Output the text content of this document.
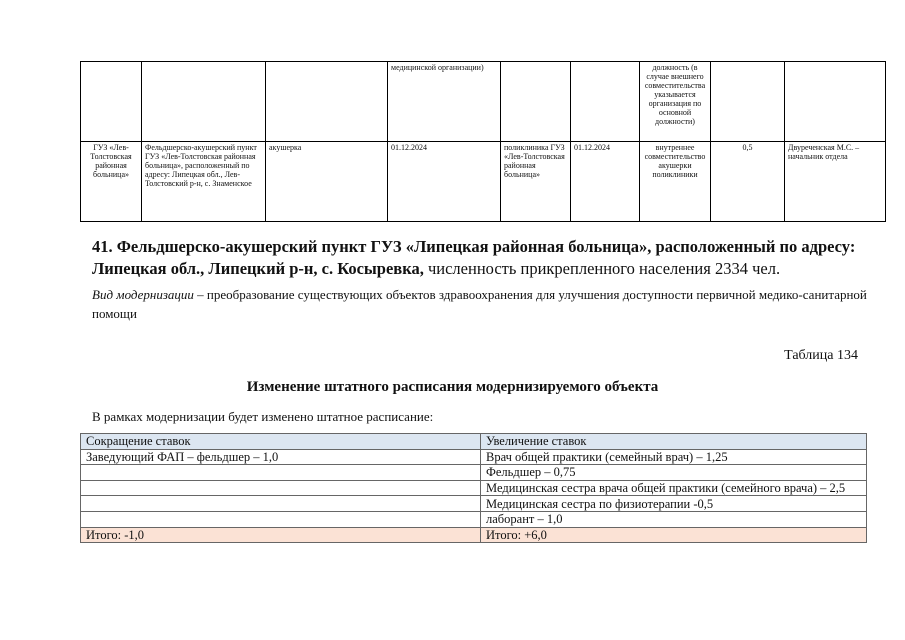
			медицинской организации)			должность (в случае внешнего совместительства указывается организация по основной должности)		
ГУЗ «Лев-Толстовская районная больница»	Фельдшерско-акушерский пункт ГУЗ «Лев-Толстовская районная больница», расположенный по адресу: Липецкая обл., Лев-Толстовский р-н, с. Знаменское	акушерка	01.12.2024	поликлиника ГУЗ «Лев-Толстовская районная больница»	01.12.2024	внутреннее совместительство акушерки поликлиники	0,5	Двуреченская М.С. – начальник отдела

41. Фельдшерско-акушерский пункт ГУЗ «Липецкая районная больница», расположенный по адресу: Липецкая обл., Липецкий р-н, с. Косыревка, численность прикрепленного населения 2334 чел.

Вид модернизации – преобразование существующих объектов здравоохранения для улучшения доступности первичной медико-санитарной помощи

Таблица 134

Изменение штатного расписания модернизируемого объекта

В рамках модернизации будет изменено штатное расписание:

Сокращение ставок	Увеличение ставок
Заведующий ФАП – фельдшер – 1,0	Врач общей практики (семейный врач) – 1,25
	Фельдшер – 0,75
	Медицинская сестра врача общей практики (семейного врача) – 2,5
	Медицинская сестра по физиотерапии -0,5
	лаборант – 1,0
Итого: -1,0	Итого: +6,0
